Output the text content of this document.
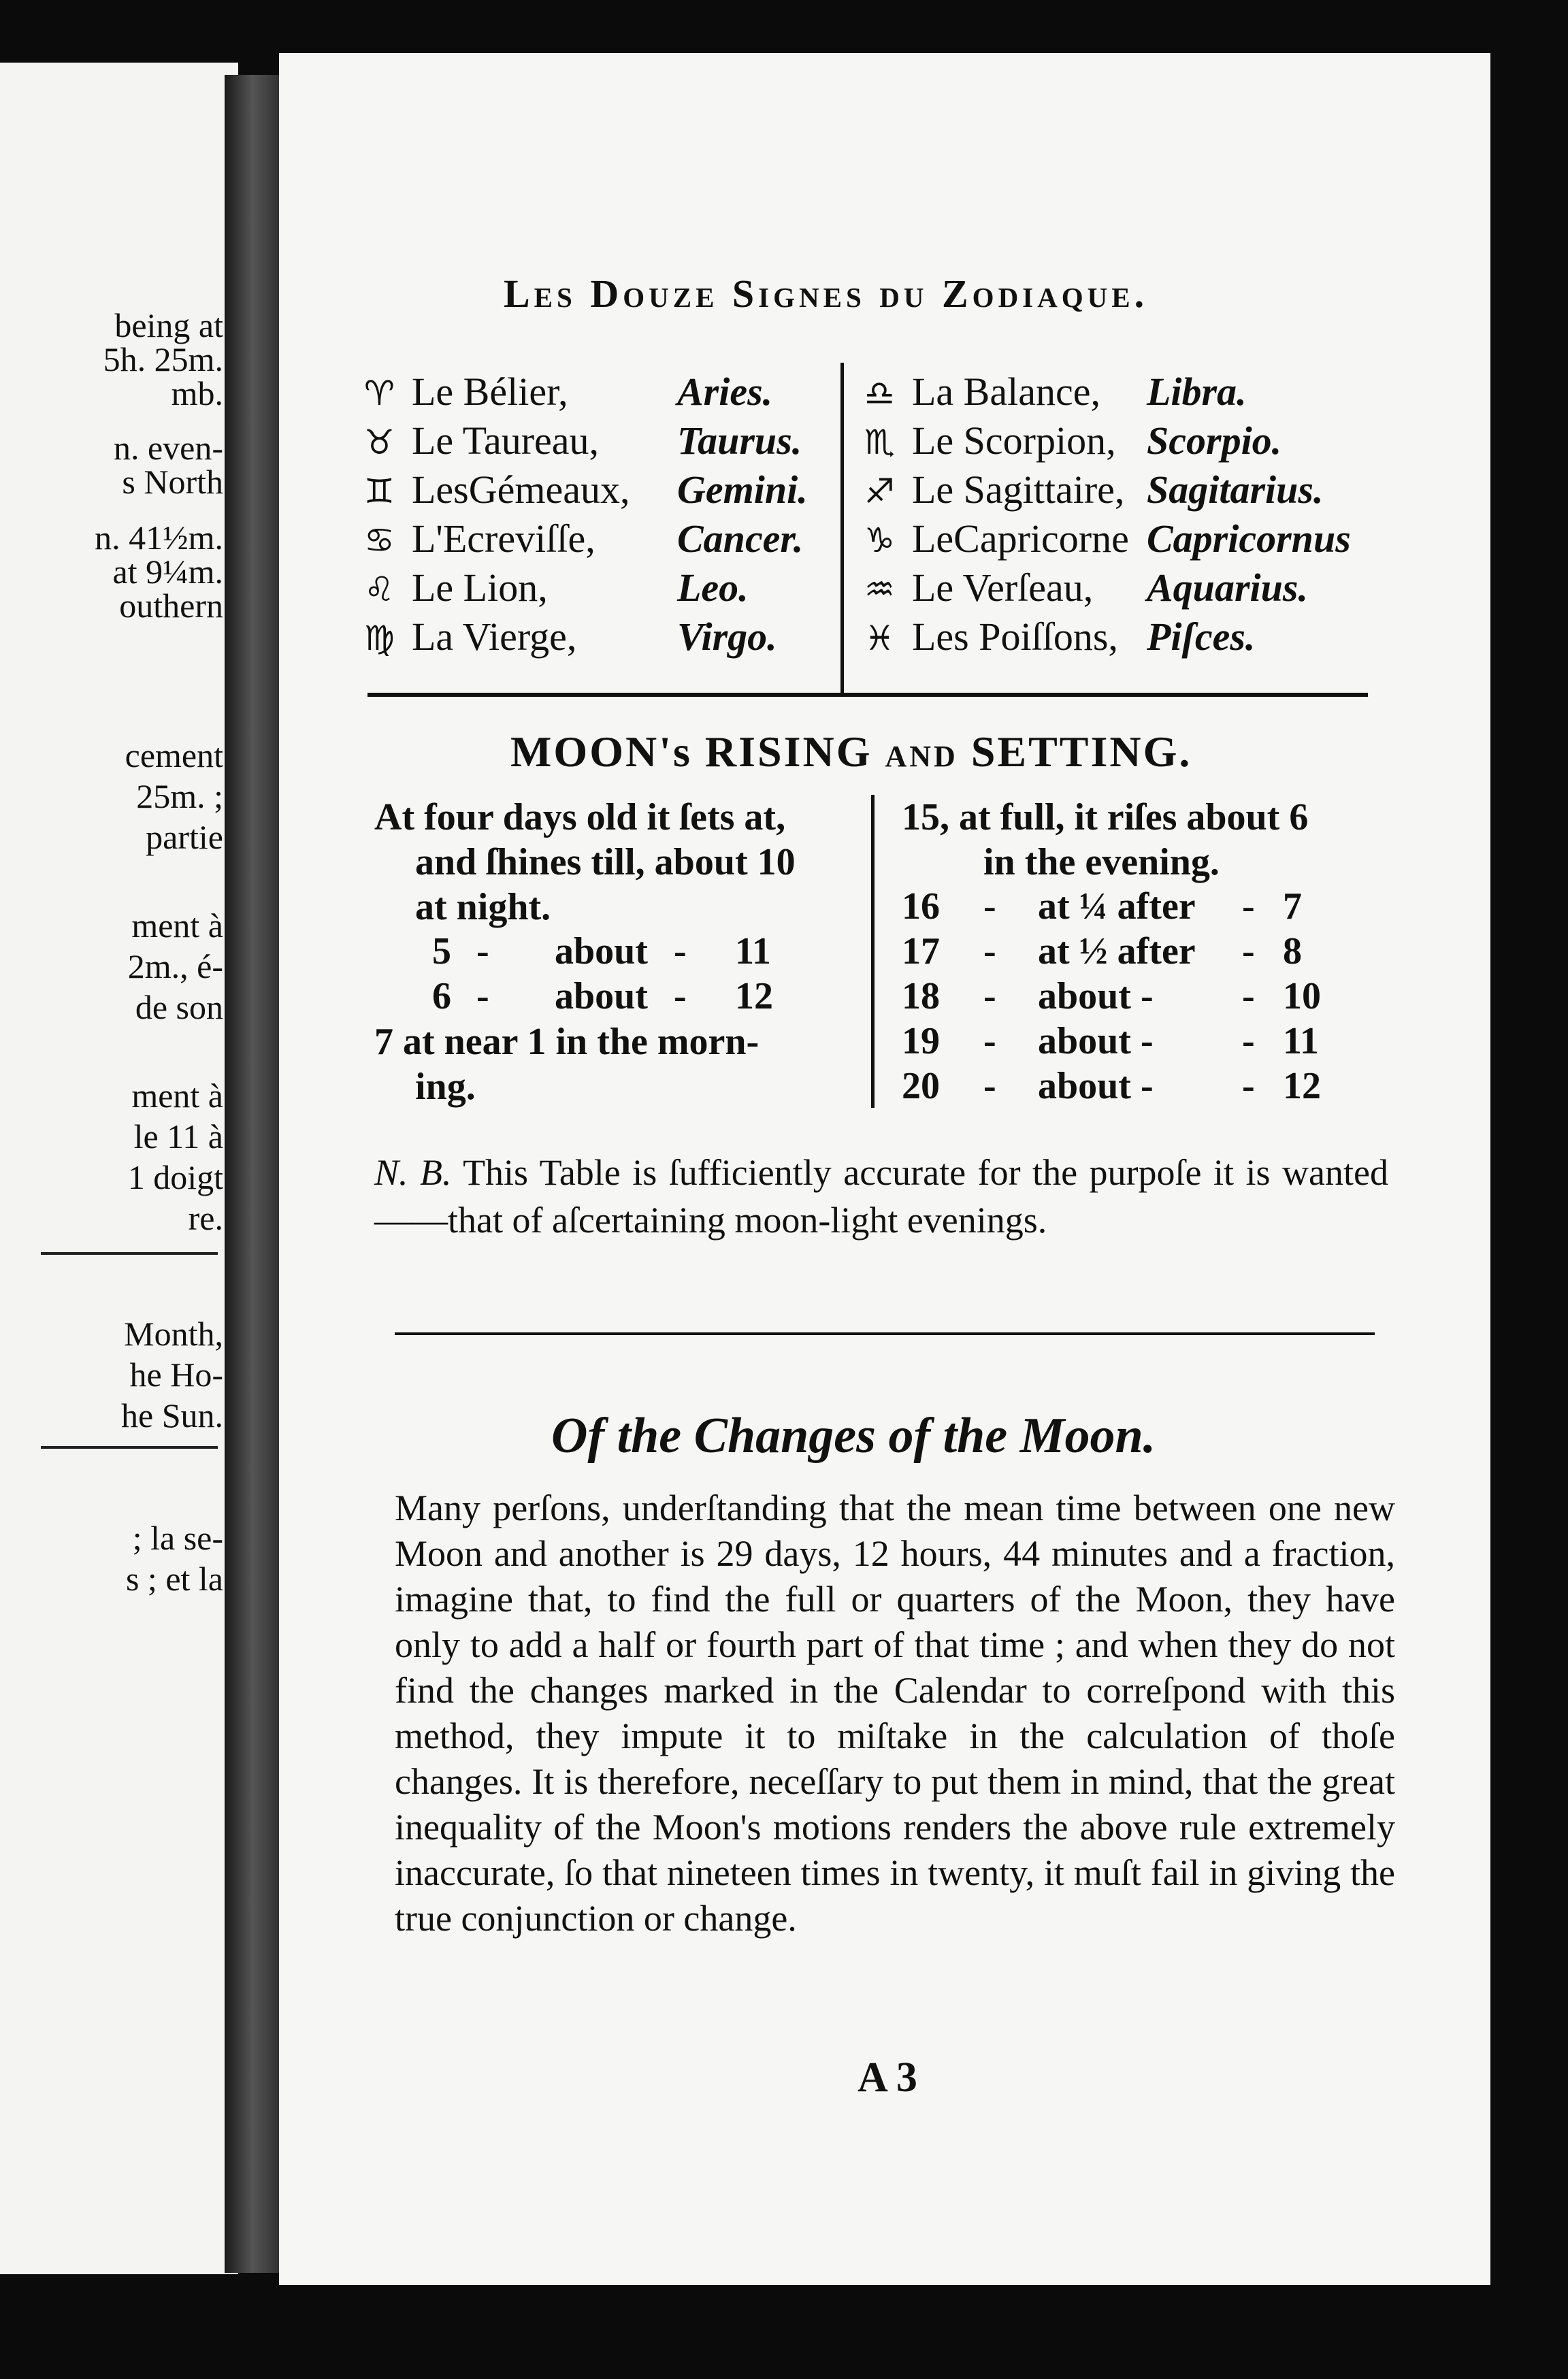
being at
5h. 25m.
mb.
n. even-
s North
n. 41½m.
at 9¼m.
outhern
cement
25m. ;
partie
ment à
2m., é-
de son
ment à
le 11 à
1 doigt
re.
Month,
he Ho-
he Sun.
; la se-
s ; et la
Les Douze Signes du Zodiaque.
♈ Le Bélier,	Aries.
♉ Le Taureau, Taurus.
♊ LesGémeaux, Gemini.
♋ L'Ecreviſſe, Cancer.
♌ Le Lion,	Leo.
♍ La Vierge,	Virgo.
♎ La Balance, Libra.
♏ Le Scorpion, Scorpio.
♐ Le Sagittaire, Sagitarius.
♑ LeCapricorne Capricornus
♒ Le Verſeau, Aquarius.
♓ Les Poiſſons, Piſces.
MOON's RISING AND SETTING.
At four days old it ſets at,
and ſhines till, about 10
at night.
5 - about - 11
6 - about - 12
7 at near 1 in the morn-
ing.
15, at full, it riſes about 6
in the evening.
16 - at ¼ after - 7
17 - at ½ after - 8
18 - about - - 10
19 - about - - 11
20 - about - - 12
N. B. This Table is ſufficiently accurate for the purpoſe it is wanted——that of aſcertaining moon-light evenings.
Of the Changes of the Moon.
Many perſons, underſtanding that the mean time between one new Moon and another is 29 days, 12 hours, 44 minutes and a fraction, imagine that, to find the full or quarters of the Moon, they have only to add a half or fourth part of that time ; and when they do not find the changes marked in the Calendar to correſpond with this method, they impute it to miſtake in the calculation of thoſe changes. It is therefore, neceſſary to put them in mind, that the great inequality of the Moon's motions renders the above rule extremely inaccurate, ſo that nineteen times in twenty, it muſt fail in giving the true conjunction or change.
A 3
